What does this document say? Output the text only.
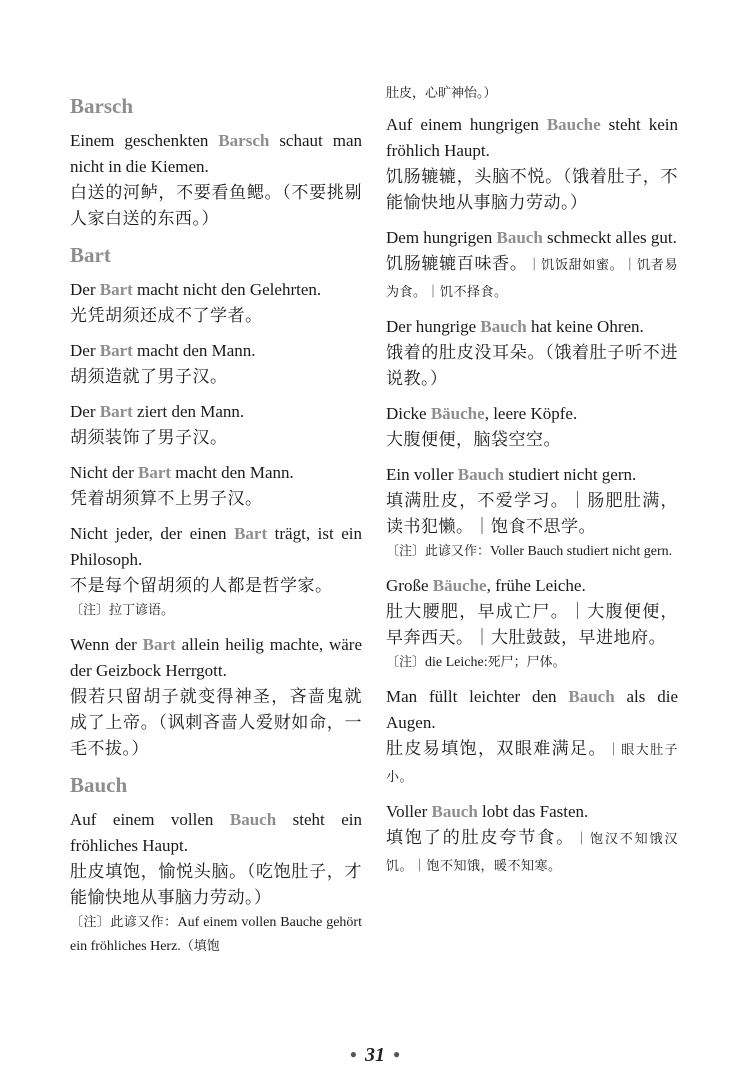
Barsch
Einem geschenkten Barsch schaut man nicht in die Kiemen.
白送的河鲈，不要看鱼鳃。（不要挑剔人家白送的东西。）
Bart
Der Bart macht nicht den Gelehrten.
光凭胡须还成不了学者。
Der Bart macht den Mann.
胡须造就了男子汉。
Der Bart ziert den Mann.
胡须装饰了男子汉。
Nicht der Bart macht den Mann.
凭着胡须算不上男子汉。
Nicht jeder, der einen Bart trägt, ist ein Philosoph.
不是每个留胡须的人都是哲学家。
〔注〕拉丁谚语。
Wenn der Bart allein heilig machte, wäre der Geizbock Herrgott.
假若只留胡子就变得神圣，吝啬鬼就成了上帝。（讽刺吝啬人爱财如命，一毛不拔。）
Bauch
Auf einem vollen Bauch steht ein fröhliches Haupt.
肚皮填饱，愉悦头脑。（吃饱肚子，才能愉快地从事脑力劳动。）
〔注〕此谚又作：Auf einem vollen Bauche gehört ein fröhliches Herz.（填饱
肚皮，心旷神怡。）
Auf einem hungrigen Bauche steht kein fröhlich Haupt.
饥肠辘辘，头脑不悦。（饿着肚子，不能愉快地从事脑力劳动。）
Dem hungrigen Bauch schmeckt alles gut.
饥肠辘辘百味香。｜饥饭甜如蜜。｜饥者易为食。｜饥不择食。
Der hungrige Bauch hat keine Ohren.
饿着的肚皮没耳朵。（饿着肚子听不进说教。）
Dicke Bäuche, leere Köpfe.
大腹便便，脑袋空空。
Ein voller Bauch studiert nicht gern.
填满肚皮，不爱学习。｜肠肥肚满，读书犯懒。｜饱食不思学。
〔注〕此谚又作：Voller Bauch studiert nicht gern.
Große Bäuche, frühe Leiche.
肚大腰肥，早成亡尸。｜大腹便便，早奔西天。｜大肚鼓鼓，早进地府。
〔注〕die Leiche:死尸；尸体。
Man füllt leichter den Bauch als die Augen.
肚皮易填饱，双眼难满足。｜眼大肚子小。
Voller Bauch lobt das Fasten.
填饱了的肚皮夸节食。｜饱汉不知饿汉饥。｜饱不知饿，暖不知寒。
● 31 ●
